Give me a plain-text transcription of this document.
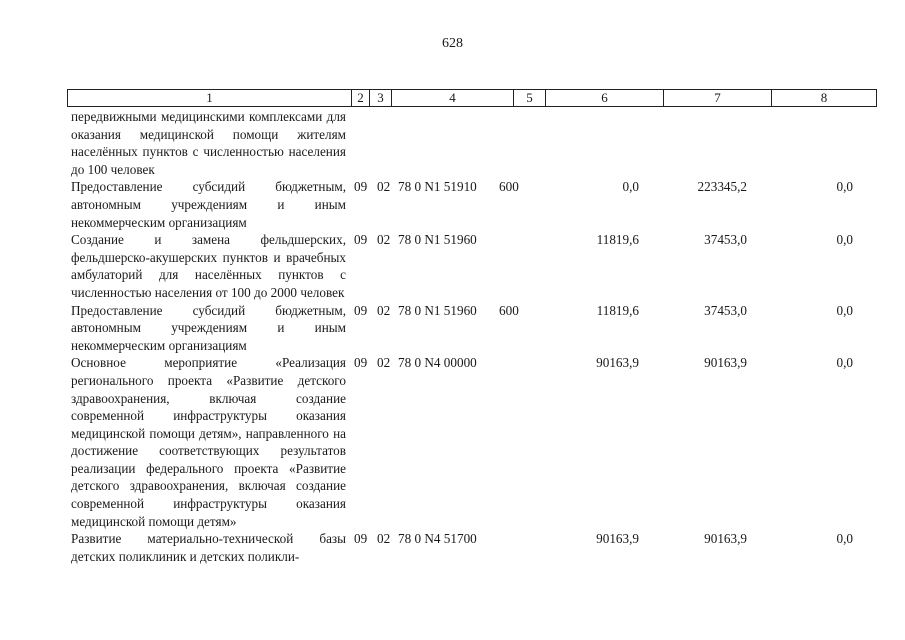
628
1	2	3	4	5	6	7	8
передвижными медицинскими комплексами для оказания медицинской помощи жителям населённых пунктов с численностью населения до 100 человек
Предоставление субсидий бюджетным, автономным учреждениям и иным некоммерческим организациям
09 02 78 0 N1 51910 600	0,0	223345,2	0,0
Создание и замена фельдшерских, фельдшерско-акушерских пунктов и врачебных амбулаторий для населённых пунктов с численностью населения от 100 до 2000 человек
09 02 78 0 N1 51960	11819,6	37453,0	0,0
Предоставление субсидий бюджетным, автономным учреждениям и иным некоммерческим организациям
09 02 78 0 N1 51960 600	11819,6	37453,0	0,0
Основное мероприятие «Реализация регионального проекта «Развитие детского здравоохранения, включая создание современной инфраструктуры оказания медицинской помощи детям», направленного на достижение соответствующих результатов реализации федерального проекта «Развитие детского здравоохранения, включая создание современной инфраструктуры оказания медицинской помощи детям»
09 02 78 0 N4 00000	90163,9	90163,9	0,0
Развитие материально-технической базы детских поликлиник и детских поликли-
09 02 78 0 N4 51700	90163,9	90163,9	0,0
